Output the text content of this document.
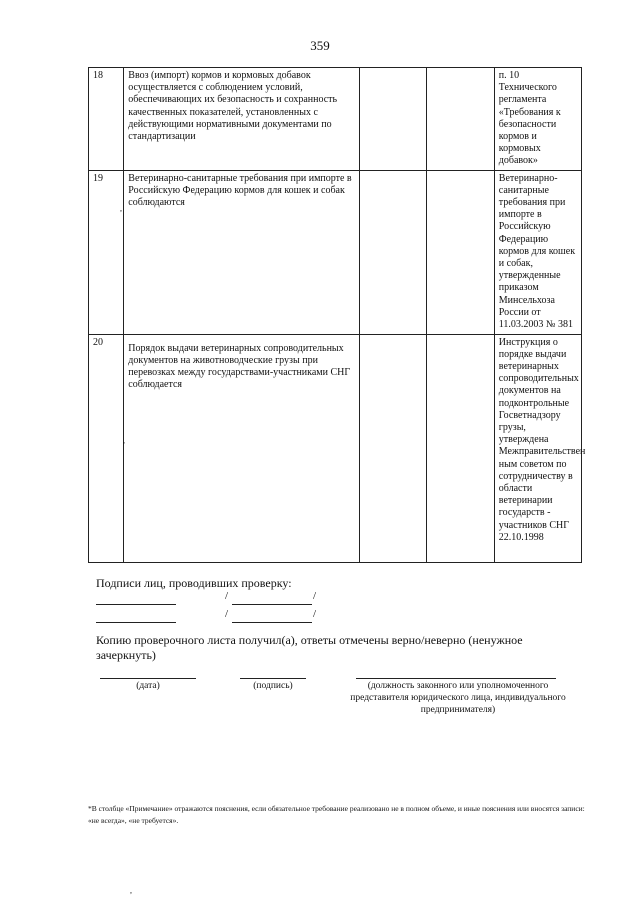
359
18	Ввоз (импорт) кормов и кормовых добавок осуществляется с соблюдением условий, обеспечивающих их безопасность и сохранность качественных показателей, установленных с действующими нормативными документами по стандартизации			п. 10 Технического регламента «Требования к безопасности кормов и кормовых добавок»
19	Ветеринарно-санитарные требования при импорте в Российскую Федерацию кормов для кошек и собак соблюдаются			Ветеринарно-санитарные требования при импорте в Российскую Федерацию кормов для кошек и собак, утвержденные приказом Минсельхоза России от 11.03.2003 № 381
20	Порядок выдачи ветеринарных сопроводительных документов на животноводческие грузы при перевозках между государствами-участниками СНГ соблюдается			Инструкция о порядке выдачи ветеринарных сопроводительных документов на подконтрольные Госветнадзору грузы, утверждена Межправительствен ным советом по сотрудничеству в области ветеринарии государств - участников СНГ 22.10.1998
,
,
Подписи лиц, проводивших проверку:
/	/
/	/
Копию проверочного листа получил(а), ответы отмечены верно/неверно (ненужное зачеркнуть)
(дата)	(подпись)	(должность законного или уполномоченного представителя юридического лица, индивидуального предпринимателя)
*В столбце «Примечание» отражаются пояснения, если обязательное требование реализовано не в полном объеме, и иные пояснения или вносятся записи: «не всегда», «не требуется».
,
